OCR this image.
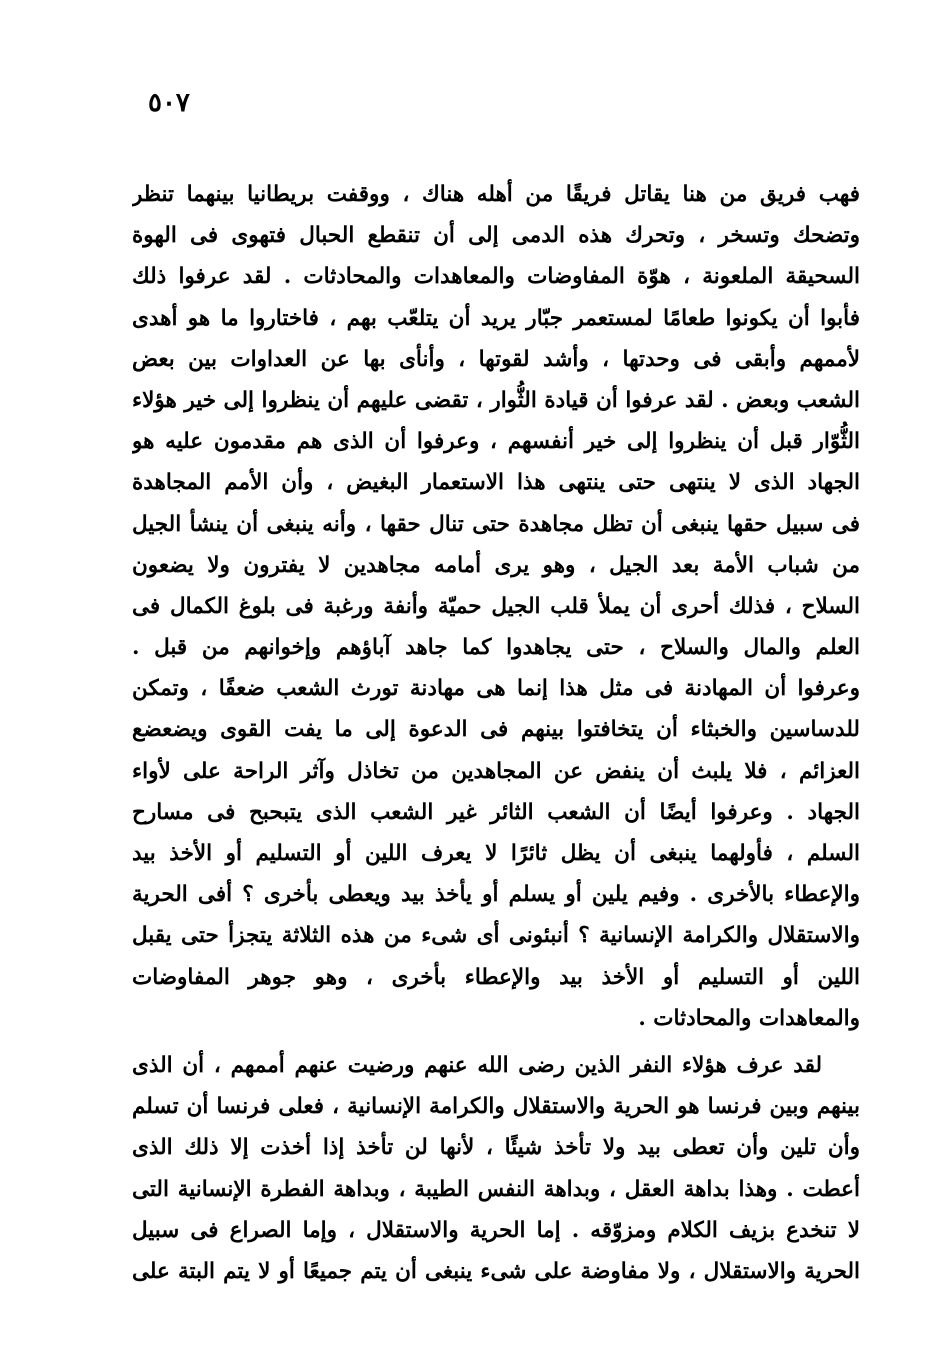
٥٠٧
فهب فريق من هنا يقاتل فريقًا من أهله هناك ، ووقفت بريطانيا بينهما تنظر
وتضحك وتسخر ، وتحرك هذه الدمى إلى أن تنقطع الحبال فتهوى فى الهوة
السحيقة الملعونة ، هوّة المفاوضات والمعاهدات والمحادثات . لقد عرفوا ذلك
فأبوا أن يكونوا طعامًا لمستعمر جبّار يريد أن يتلعّب بهم ، فاختاروا ما هو أهدى
لأممهم وأبقى فى وحدتها ، وأشد لقوتها ، وأنأى بها عن العداوات بين بعض
الشعب وبعض . لقد عرفوا أن قيادة الثُّوار ، تقضى عليهم أن ينظروا إلى خير هؤلاء
الثُّوّار قبل أن ينظروا إلى خير أنفسهم ، وعرفوا أن الذى هم مقدمون عليه هو
الجهاد الذى لا ينتهى حتى ينتهى هذا الاستعمار البغيض ، وأن الأمم المجاهدة
فى سبيل حقها ينبغى أن تظل مجاهدة حتى تنال حقها ، وأنه ينبغى أن ينشأ الجيل
من شباب الأمة بعد الجيل ، وهو يرى أمامه مجاهدين لا يفترون ولا يضعون
السلاح ، فذلك أحرى أن يملأ قلب الجيل حميّة وأنفة ورغبة فى بلوغ الكمال فى
العلم والمال والسلاح ، حتى يجاهدوا كما جاهد آباؤهم وإخوانهم من قبل .
وعرفوا أن المهادنة فى مثل هذا إنما هى مهادنة تورث الشعب ضعفًا ، وتمكن
للدساسين والخبثاء أن يتخافتوا بينهم فى الدعوة إلى ما يفت القوى ويضعضع
العزائم ، فلا يلبث أن ينفض عن المجاهدين من تخاذل وآثر الراحة على لأواء
الجهاد . وعرفوا أيضًا أن الشعب الثائر غير الشعب الذى يتبحبح فى مسارح
السلم ، فأولهما ينبغى أن يظل ثائرًا لا يعرف اللين أو التسليم أو الأخذ بيد
والإعطاء بالأخرى . وفيم يلين أو يسلم أو يأخذ بيد ويعطى بأخرى ؟ أفى الحرية
والاستقلال والكرامة الإنسانية ؟ أنبئونى أى شىء من هذه الثلاثة يتجزأ حتى يقبل
اللين أو التسليم أو الأخذ بيد والإعطاء بأخرى ، وهو جوهر المفاوضات
والمعاهدات والمحادثات .
لقد عرف هؤلاء النفر الذين رضى الله عنهم ورضيت عنهم أممهم ، أن الذى
بينهم وبين فرنسا هو الحرية والاستقلال والكرامة الإنسانية ، فعلى فرنسا أن تسلم
وأن تلين وأن تعطى بيد ولا تأخذ شيئًا ، لأنها لن تأخذ إذا أخذت إلا ذلك الذى
أعطت . وهذا بداهة العقل ، وبداهة النفس الطيبة ، وبداهة الفطرة الإنسانية التى
لا تنخدع بزيف الكلام ومزوّقه . إما الحرية والاستقلال ، وإما الصراع فى سبيل
الحرية والاستقلال ، ولا مفاوضة على شىء ينبغى أن يتم جميعًا أو لا يتم البتة على
